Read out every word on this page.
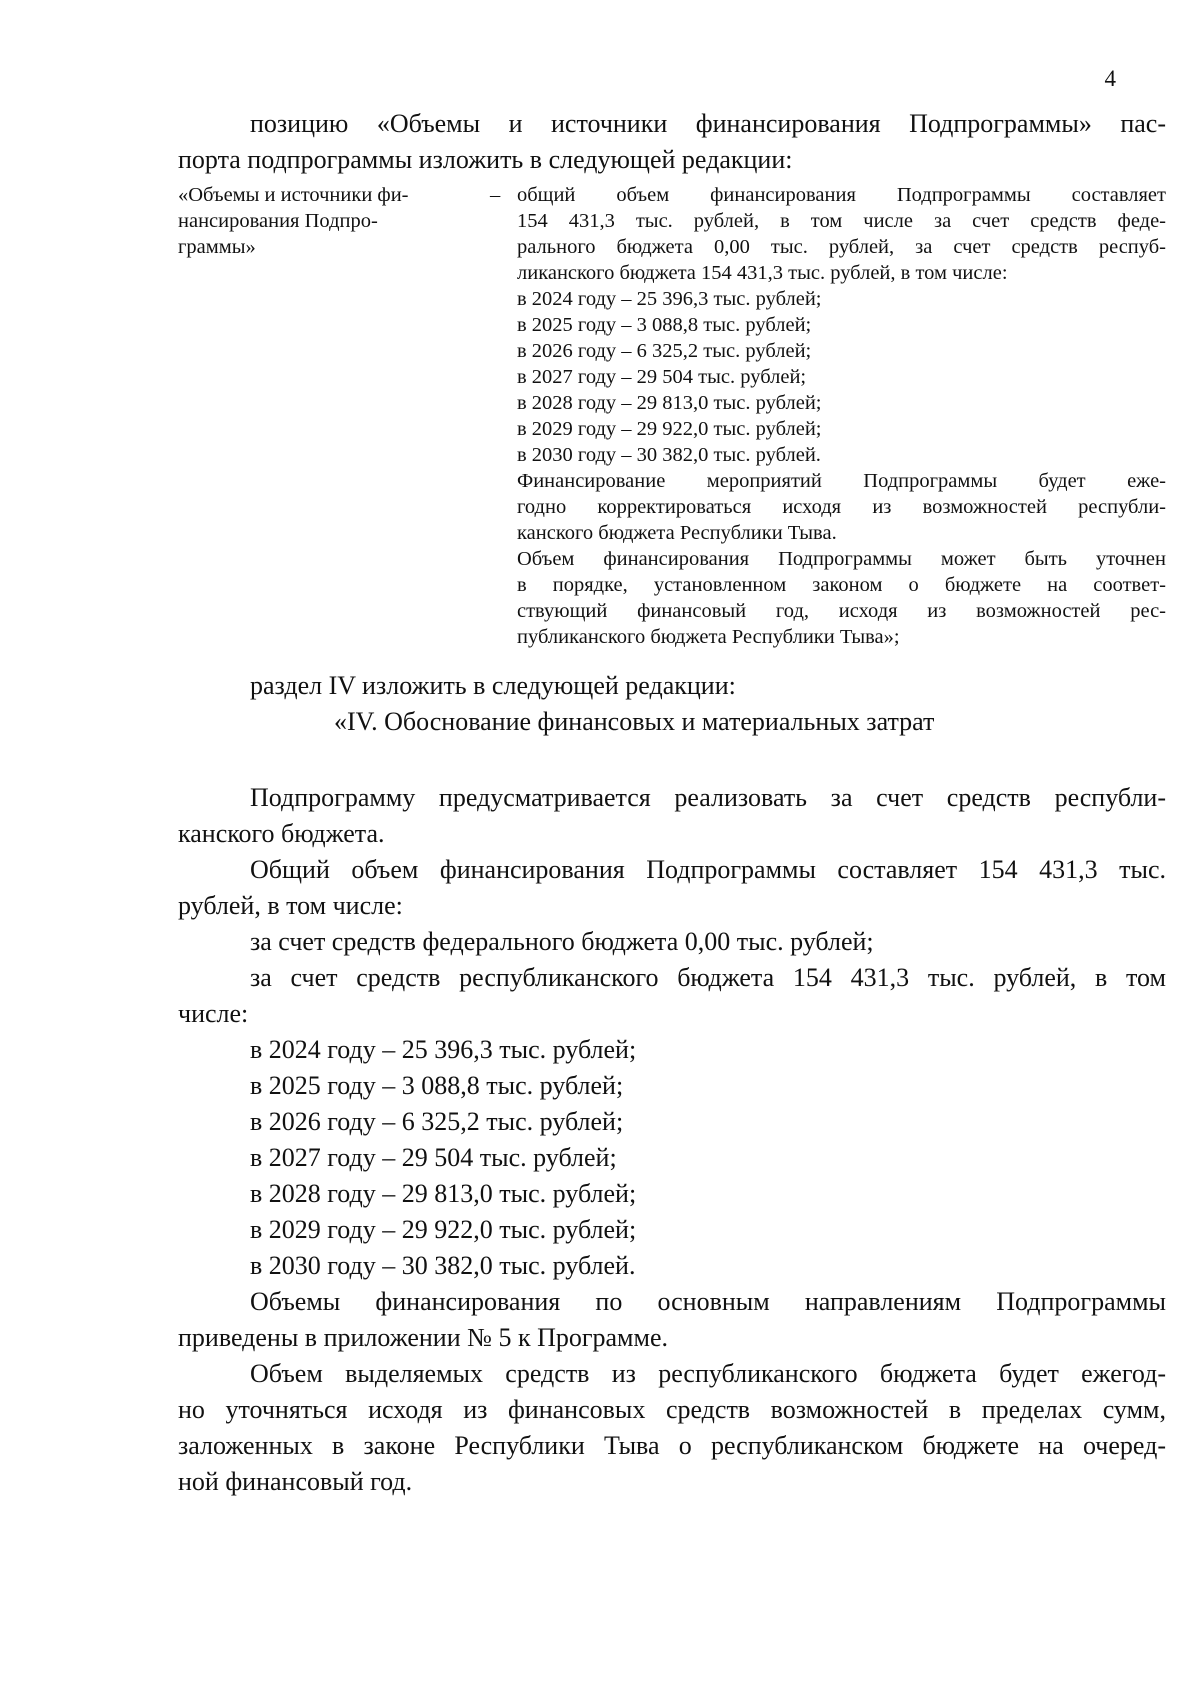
4
позицию «Объемы и источники финансирования Подпрограммы» пас-
порта подпрограммы изложить в следующей редакции:
«Объемы и источники фи-
нансирования Подпро-
граммы»
– общий объем финансирования Подпрограммы составляет
154 431,3 тыс. рублей, в том числе за счет средств феде-
рального бюджета 0,00 тыс. рублей, за счет средств респуб-
ликанского бюджета 154 431,3 тыс. рублей, в том числе:
в 2024 году – 25 396,3 тыс. рублей;
в 2025 году – 3 088,8 тыс. рублей;
в 2026 году – 6 325,2 тыс. рублей;
в 2027 году – 29 504 тыс. рублей;
в 2028 году – 29 813,0 тыс. рублей;
в 2029 году – 29 922,0 тыс. рублей;
в 2030 году – 30 382,0 тыс. рублей.
Финансирование мероприятий Подпрограммы будет еже-
годно корректироваться исходя из возможностей республи-
канского бюджета Республики Тыва.
Объем финансирования Подпрограммы может быть уточнен
в порядке, установленном законом о бюджете на соответ-
ствующий финансовый год, исходя из возможностей рес-
публиканского бюджета Республики Тыва»;
раздел IV изложить в следующей редакции:
«IV. Обоснование финансовых и материальных затрат
Подпрограмму предусматривается реализовать за счет средств республи-
канского бюджета.
Общий объем финансирования Подпрограммы составляет 154 431,3 тыс.
рублей, в том числе:
за счет средств федерального бюджета 0,00 тыс. рублей;
за счет средств республиканского бюджета 154 431,3 тыс. рублей, в том
числе:
в 2024 году – 25 396,3 тыс. рублей;
в 2025 году – 3 088,8 тыс. рублей;
в 2026 году – 6 325,2 тыс. рублей;
в 2027 году – 29 504 тыс. рублей;
в 2028 году – 29 813,0 тыс. рублей;
в 2029 году – 29 922,0 тыс. рублей;
в 2030 году – 30 382,0 тыс. рублей.
Объемы финансирования по основным направлениям Подпрограммы
приведены в приложении № 5 к Программе.
Объем выделяемых средств из республиканского бюджета будет ежегод-
но уточняться исходя из финансовых средств возможностей в пределах сумм,
заложенных в законе Республики Тыва о республиканском бюджете на очеред-
ной финансовый год.
